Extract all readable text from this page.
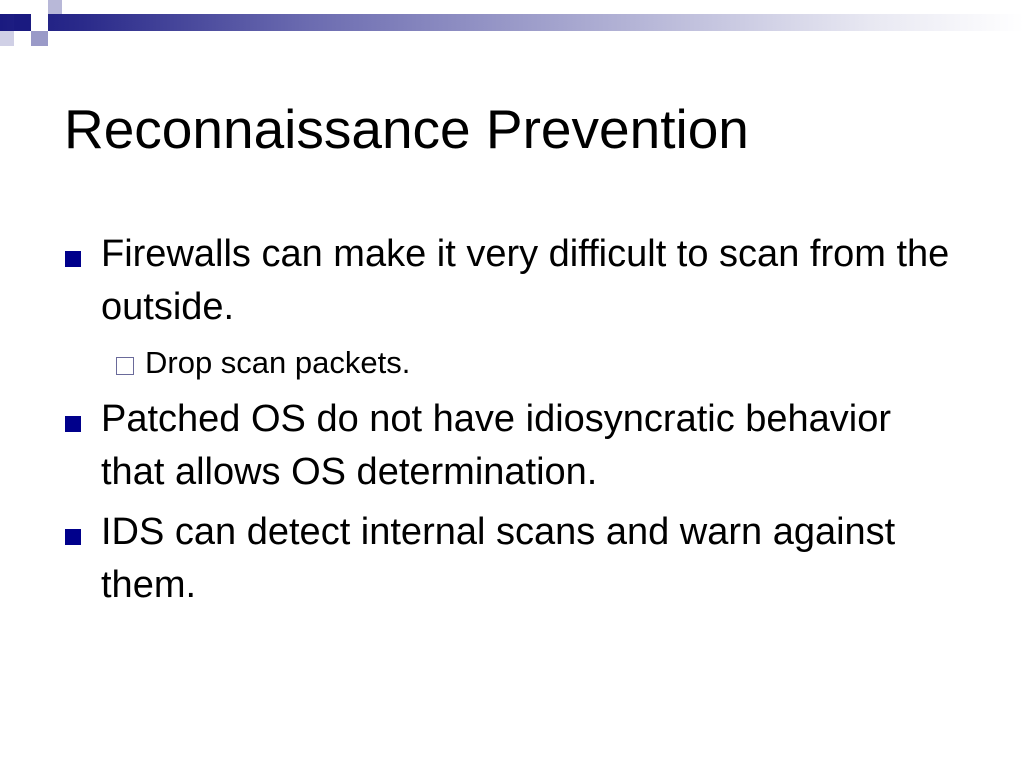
Reconnaissance Prevention
Firewalls can make it very difficult to scan from the outside.
Drop scan packets.
Patched OS do not have idiosyncratic behavior that allows OS determination.
IDS can detect internal scans and warn against them.
